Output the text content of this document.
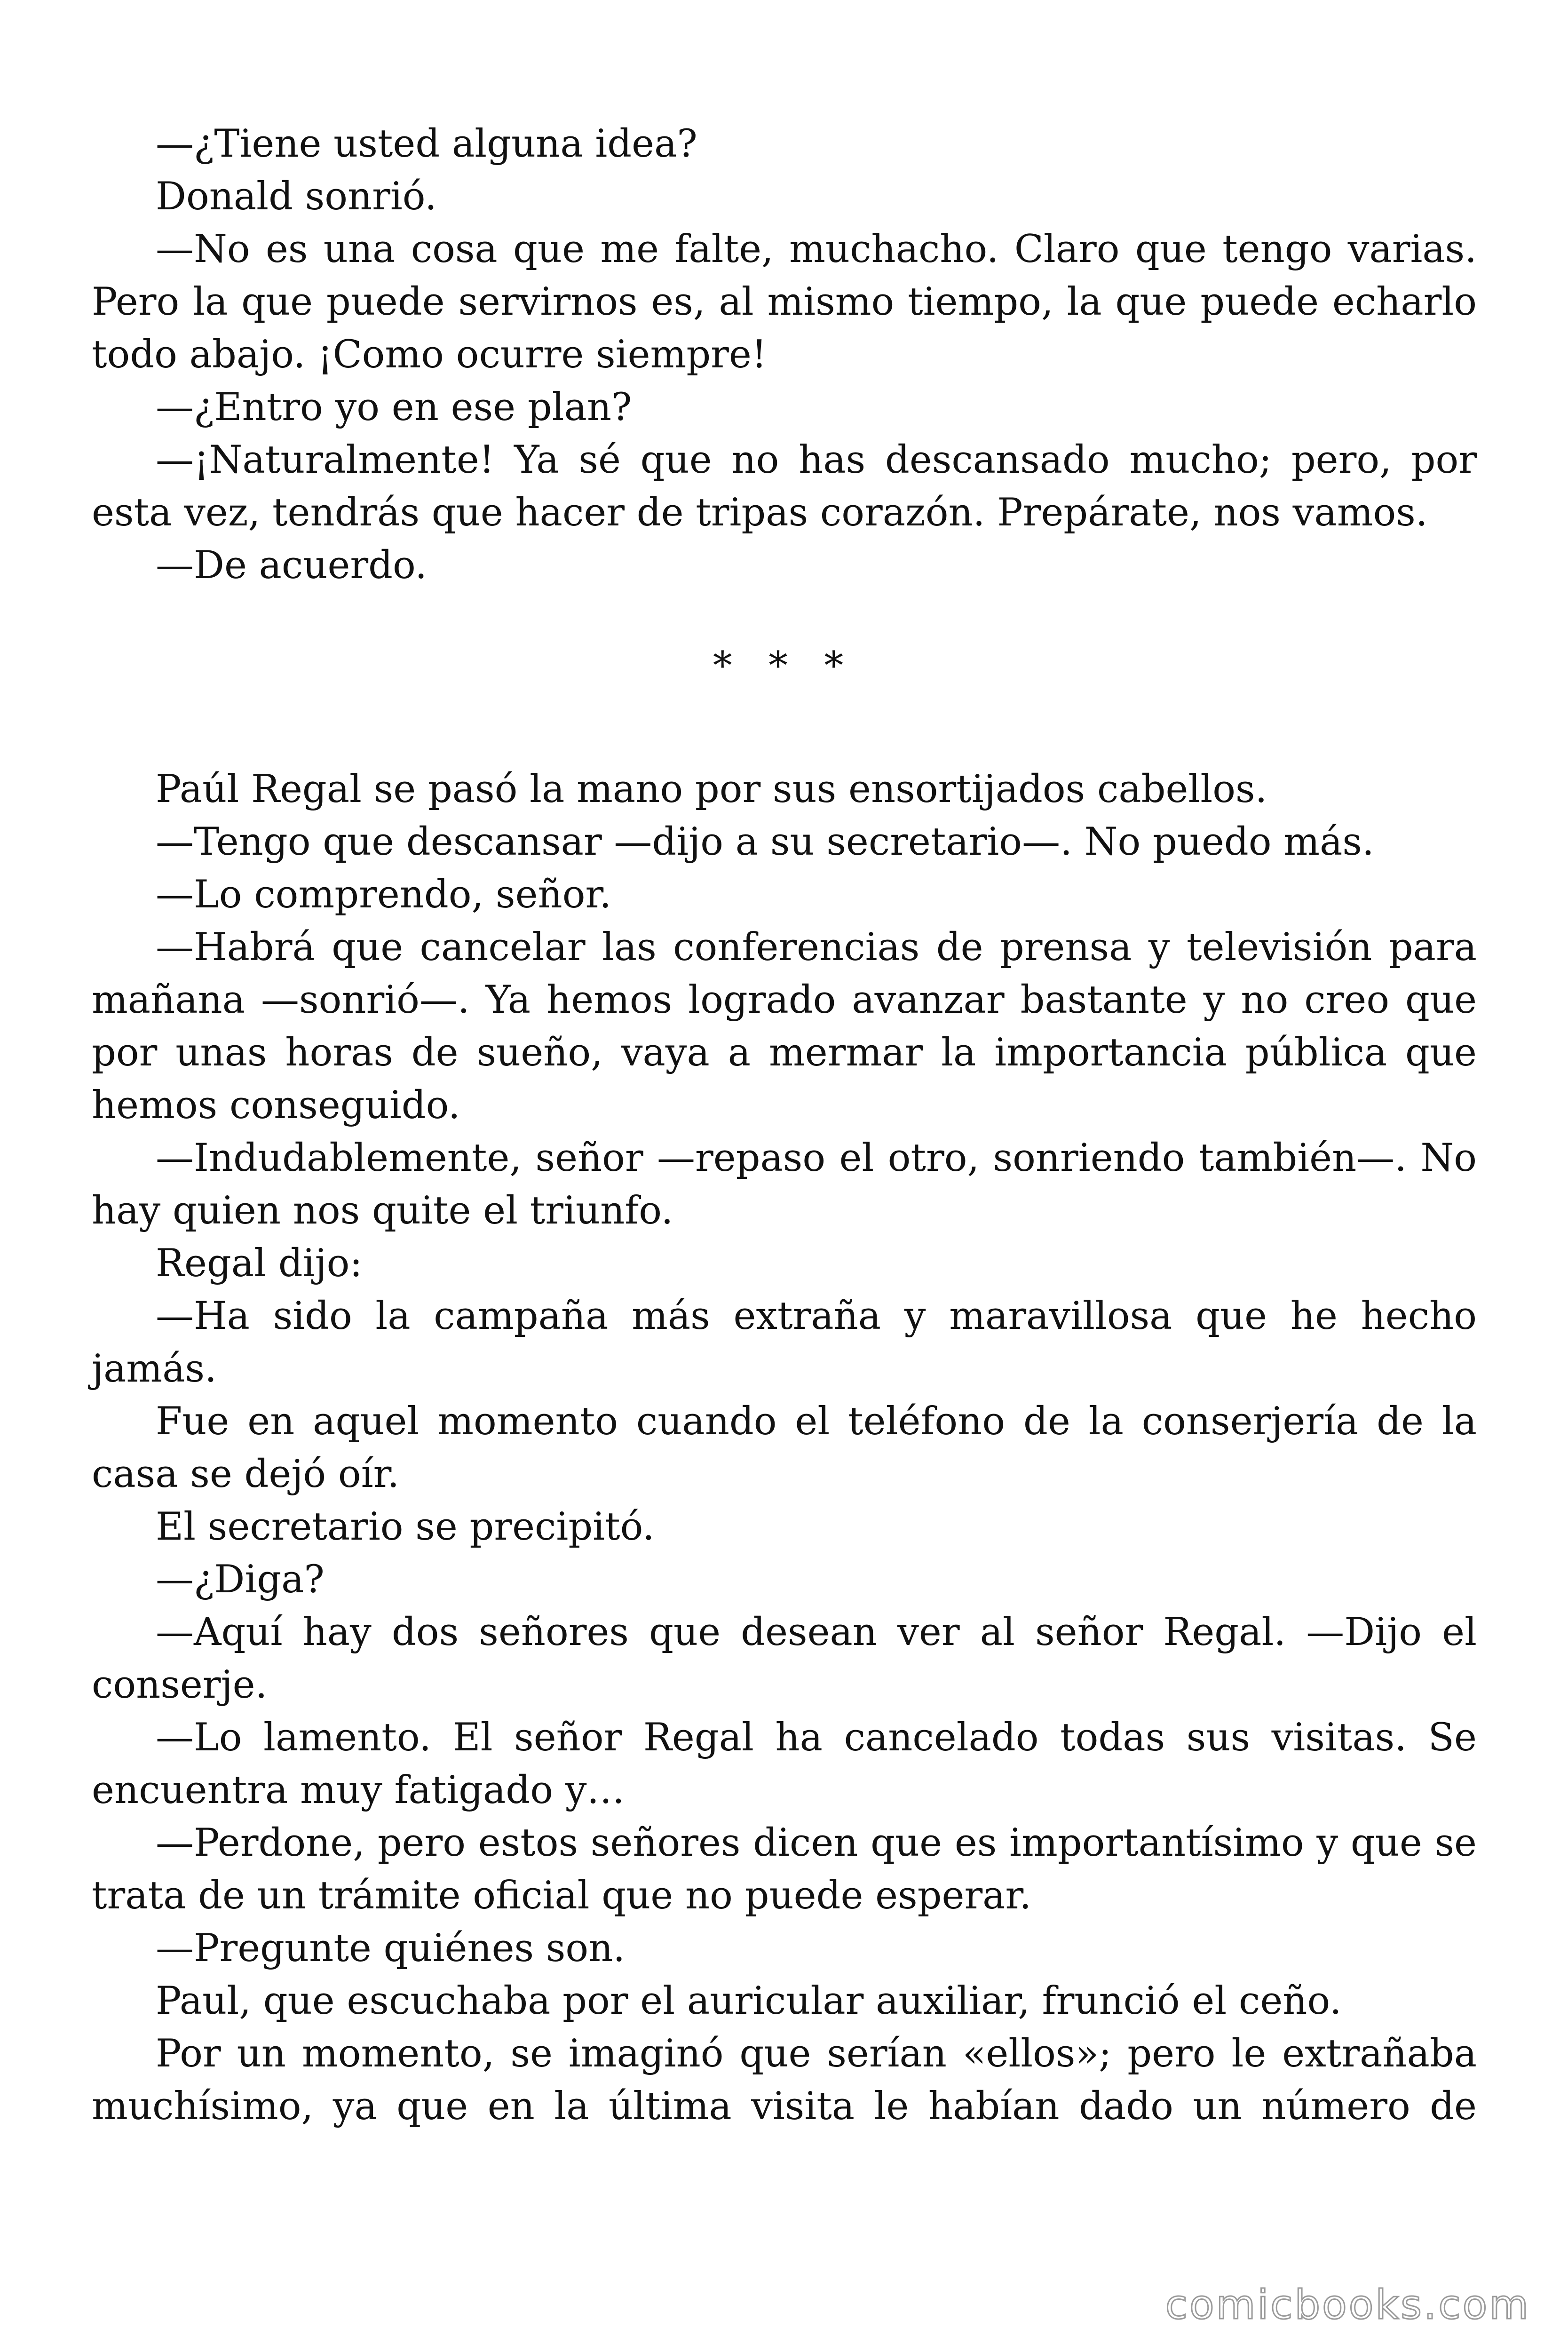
—¿Tiene usted alguna idea?

Donald sonrió.

—No es una cosa que me falte, muchacho. Claro que tengo varias. Pero la que puede servirnos es, al mismo tiempo, la que puede echarlo todo abajo. ¡Como ocurre siempre!

—¿Entro yo en ese plan?

—¡Naturalmente! Ya sé que no has descansado mucho; pero, por esta vez, tendrás que hacer de tripas corazón. Prepárate, nos vamos.

—De acuerdo.

* * *

Paúl Regal se pasó la mano por sus ensortijados cabellos.

—Tengo que descansar —dijo a su secretario—. No puedo más.

—Lo comprendo, señor.

—Habrá que cancelar las conferencias de prensa y televisión para mañana —sonrió—. Ya hemos logrado avanzar bastante y no creo que por unas horas de sueño, vaya a mermar la importancia pública que hemos conseguido.

—Indudablemente, señor —repaso el otro, sonriendo también—. No hay quien nos quite el triunfo.

Regal dijo:

—Ha sido la campaña más extraña y maravillosa que he hecho jamás.

Fue en aquel momento cuando el teléfono de la conserjería de la casa se dejó oír.

El secretario se precipitó.

—¿Diga?

—Aquí hay dos señores que desean ver al señor Regal. —Dijo el conserje.

—Lo lamento. El señor Regal ha cancelado todas sus visitas. Se encuentra muy fatigado y…

—Perdone, pero estos señores dicen que es importantísimo y que se trata de un trámite oficial que no puede esperar.

—Pregunte quiénes son.

Paul, que escuchaba por el auricular auxiliar, frunció el ceño.

Por un momento, se imaginó que serían «ellos»; pero le extrañaba muchísimo, ya que en la última visita le habían dado un número de

comicbooks.com
